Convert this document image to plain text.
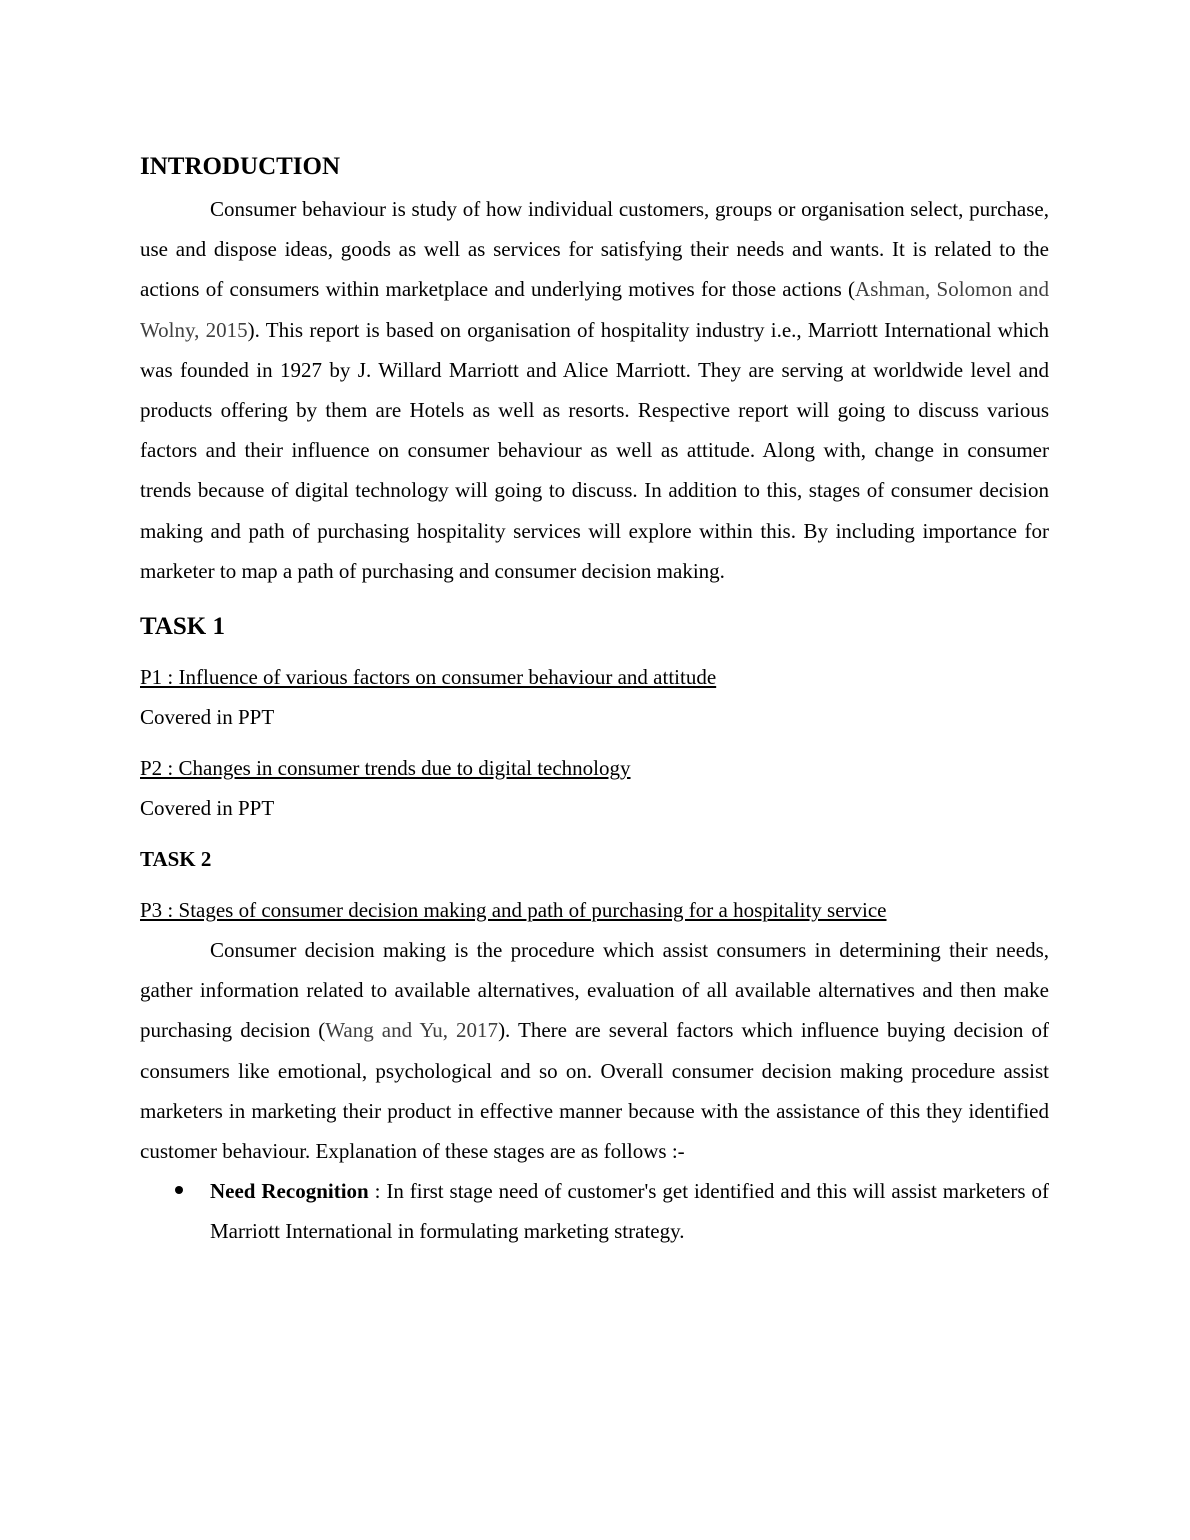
INTRODUCTION

Consumer behaviour is study of how individual customers, groups or organisation select, purchase, use and dispose ideas, goods as well as services for satisfying their needs and wants. It is related to the actions of consumers within marketplace and underlying motives for those actions (Ashman, Solomon and Wolny, 2015). This report is based on organisation of hospitality industry i.e., Marriott International which was founded in 1927 by J. Willard Marriott and Alice Marriott. They are serving at worldwide level and products offering by them are Hotels as well as resorts. Respective report will going to discuss various factors and their influence on consumer behaviour as well as attitude. Along with, change in consumer trends because of digital technology will going to discuss. In addition to this, stages of consumer decision making and path of purchasing hospitality services will explore within this. By including importance for marketer to map a path of purchasing and consumer decision making.

TASK 1

P1 : Influence of various factors on consumer behaviour and attitude

Covered in PPT

P2 : Changes in consumer trends due to digital technology

Covered in PPT

TASK 2

P3 : Stages of consumer decision making and path of purchasing for a hospitality service

Consumer decision making is the procedure which assist consumers in determining their needs, gather information related to available alternatives, evaluation of all available alternatives and then make purchasing decision (Wang and Yu, 2017). There are several factors which influence buying decision of consumers like emotional, psychological and so on. Overall consumer decision making procedure assist marketers in marketing their product in effective manner because with the assistance of this they identified customer behaviour. Explanation of these stages are as follows :-

Need Recognition : In first stage need of customer's get identified and this will assist marketers of Marriott International in formulating marketing strategy.
